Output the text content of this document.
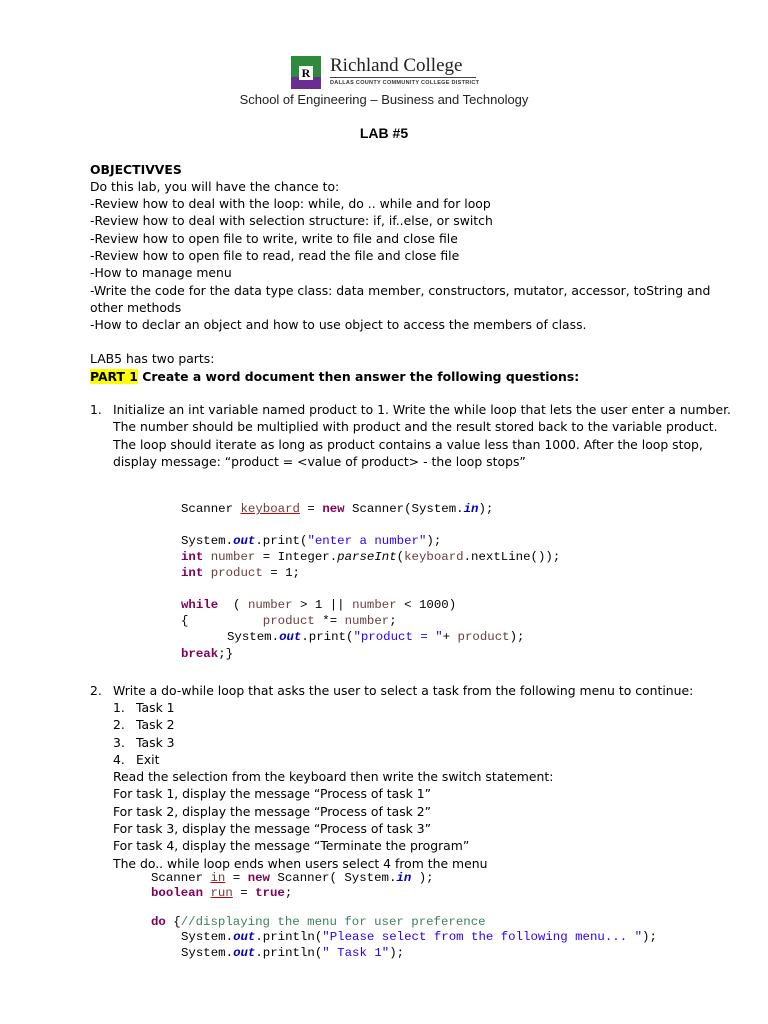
R Richland College
DALLAS COUNTY COMMUNITY COLLEGE DISTRICT
School of Engineering – Business and Technology
LAB #5
OBJECTIVVES
Do this lab, you will have the chance to:
-Review how to deal with the loop: while, do .. while and for loop
-Review how to deal with selection structure: if, if..else, or switch
-Review how to open file to write, write to file and close file
-Review how to open file to read, read the file and close file
-How to manage menu
-Write the code for the data type class: data member, constructors, mutator, accessor, toString and
other methods
-How to declar an object and how to use object to access the members of class.
LAB5 has two parts:
PART 1 Create a word document then answer the following questions:
1. Initialize an int variable named product to 1. Write the while loop that lets the user enter a number.
The number should be multiplied with product and the result stored back to the variable product.
The loop should iterate as long as product contains a value less than 1000. After the loop stop,
display message: “product = <value of product> - the loop stops”
Scanner keyboard = new Scanner(System.in);
System.out.print("enter a number");
int number = Integer.parseInt(keyboard.nextLine());
int product = 1;
while  ( number > 1 || number < 1000)
{          product *= number;
System.out.print("product = "+ product);
break;}
2. Write a do-while loop that asks the user to select a task from the following menu to continue:
1. Task 1
2. Task 2
3. Task 3
4. Exit
Read the selection from the keyboard then write the switch statement:
For task 1, display the message “Process of task 1”
For task 2, display the message “Process of task 2”
For task 3, display the message “Process of task 3”
For task 4, display the message “Terminate the program”
The do.. while loop ends when users select 4 from the menu
Scanner in = new Scanner( System.in );
boolean run = true;
do {//displaying the menu for user preference
System.out.println("Please select from the following menu... ");
System.out.println(" Task 1");
